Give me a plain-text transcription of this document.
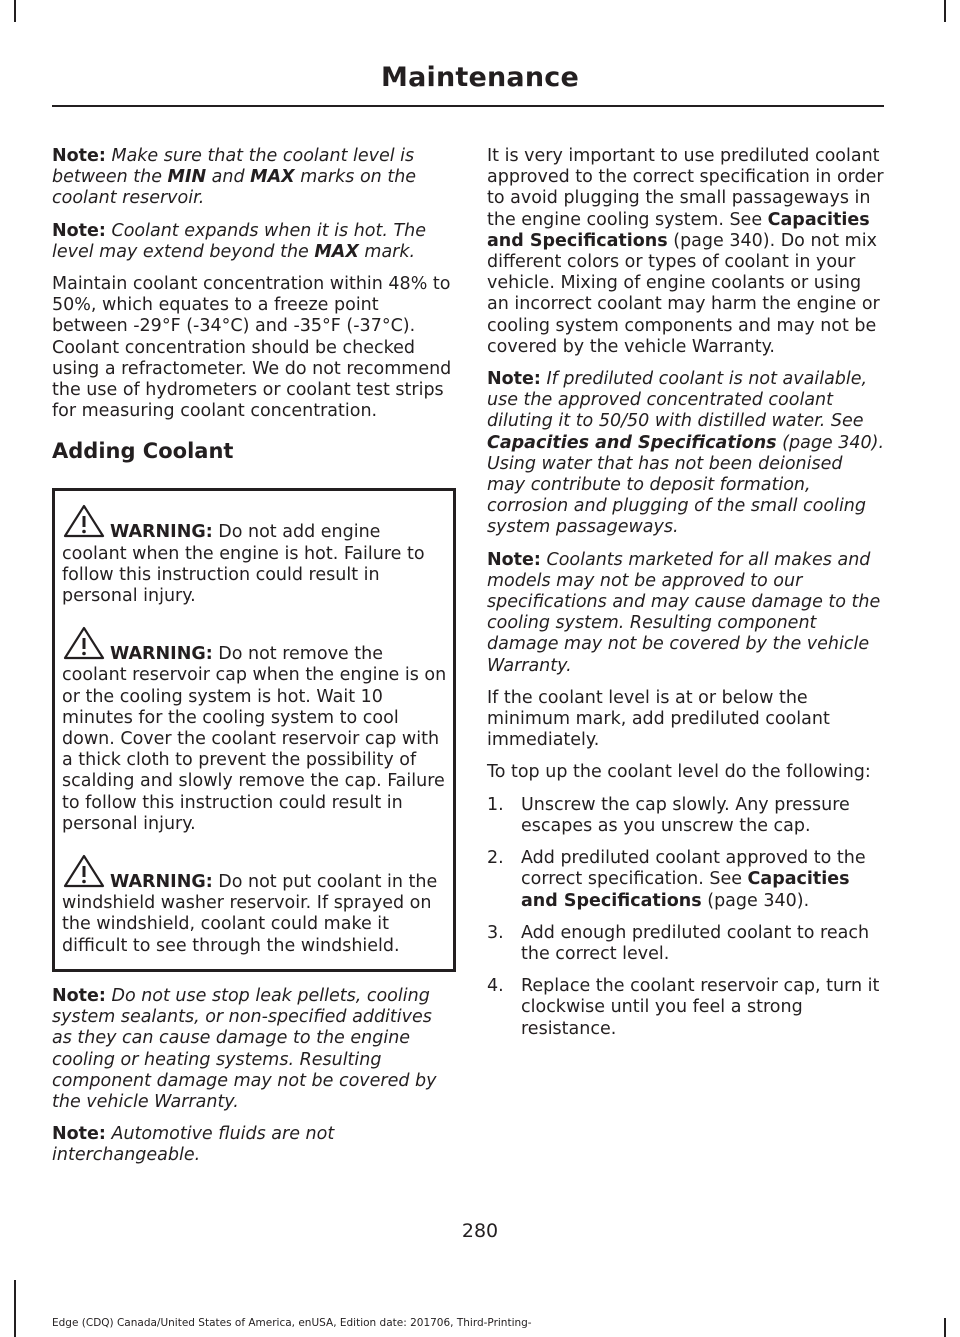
Maintenance

Note: Make sure that the coolant level is between the MIN and MAX marks on the coolant reservoir.

Note: Coolant expands when it is hot. The level may extend beyond the MAX mark.

Maintain coolant concentration within 48% to 50%, which equates to a freeze point between -29°F (-34°C) and -35°F (-37°C). Coolant concentration should be checked using a refractometer. We do not recommend the use of hydrometers or coolant test strips for measuring coolant concentration.

Adding Coolant

WARNING: Do not add engine coolant when the engine is hot. Failure to follow this instruction could result in personal injury.

WARNING: Do not remove the coolant reservoir cap when the engine is on or the cooling system is hot. Wait 10 minutes for the cooling system to cool down. Cover the coolant reservoir cap with a thick cloth to prevent the possibility of scalding and slowly remove the cap. Failure to follow this instruction could result in personal injury.

WARNING: Do not put coolant in the windshield washer reservoir. If sprayed on the windshield, coolant could make it difficult to see through the windshield.

Note: Do not use stop leak pellets, cooling system sealants, or non-specified additives as they can cause damage to the engine cooling or heating systems. Resulting component damage may not be covered by the vehicle Warranty.

Note: Automotive fluids are not interchangeable.

It is very important to use prediluted coolant approved to the correct specification in order to avoid plugging the small passageways in the engine cooling system. See Capacities and Specifications (page 340). Do not mix different colors or types of coolant in your vehicle. Mixing of engine coolants or using an incorrect coolant may harm the engine or cooling system components and may not be covered by the vehicle Warranty.

Note: If prediluted coolant is not available, use the approved concentrated coolant diluting it to 50/50 with distilled water. See Capacities and Specifications (page 340). Using water that has not been deionised may contribute to deposit formation, corrosion and plugging of the small cooling system passageways.

Note: Coolants marketed for all makes and models may not be approved to our specifications and may cause damage to the cooling system. Resulting component damage may not be covered by the vehicle Warranty.

If the coolant level is at or below the minimum mark, add prediluted coolant immediately.

To top up the coolant level do the following:

1. Unscrew the cap slowly. Any pressure escapes as you unscrew the cap.
2. Add prediluted coolant approved to the correct specification. See Capacities and Specifications (page 340).
3. Add enough prediluted coolant to reach the correct level.
4. Replace the coolant reservoir cap, turn it clockwise until you feel a strong resistance.
280
Edge (CDQ) Canada/United States of America, enUSA, Edition date: 201706, Third-Printing-
